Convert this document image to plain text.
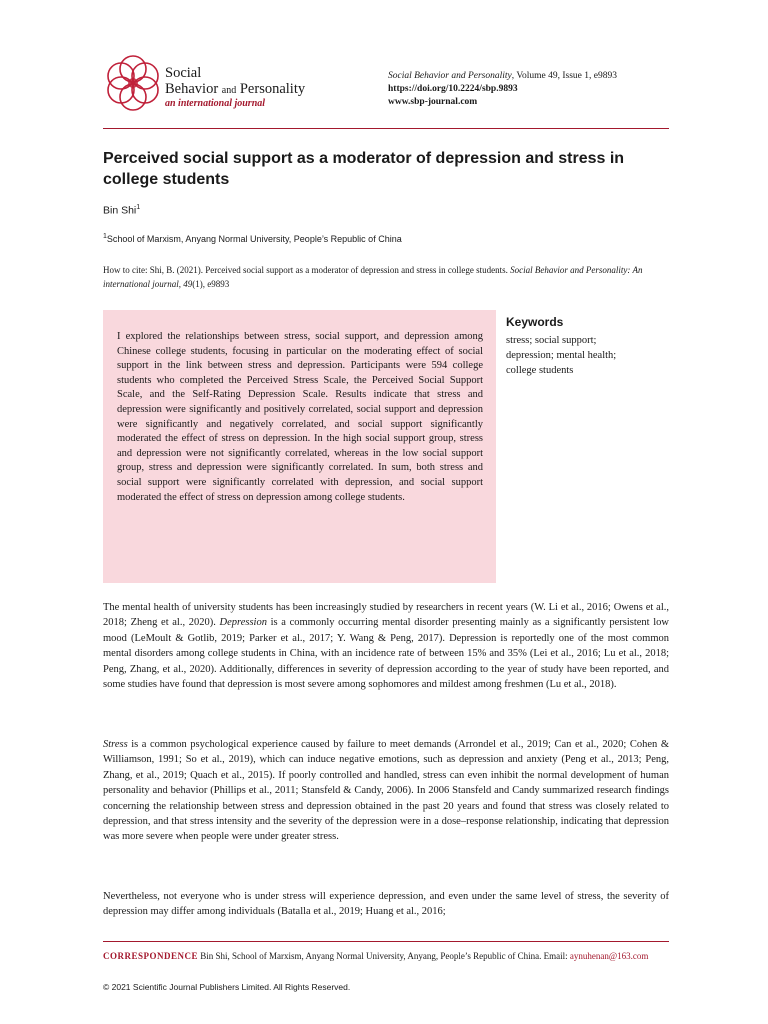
Social
Behavior and Personality
an international journal
Social Behavior and Personality, Volume 49, Issue 1, e9893
https://doi.org/10.2224/sbp.9893
www.sbp-journal.com
Perceived social support as a moderator of depression and stress in college students
Bin Shi$^1$
$^1$School of Marxism, Anyang Normal University, People’s Republic of China
How to cite: Shi, B. (2021). Perceived social support as a moderator of depression and stress in college students. Social Behavior and Personality: An international journal, 49(1), e9893
I explored the relationships between stress, social support, and depression among Chinese college students, focusing in particular on the moderating effect of social support in the link between stress and depression. Participants were 594 college students who completed the Perceived Stress Scale, the Perceived Social Support Scale, and the Self-Rating Depression Scale. Results indicate that stress and depression were significantly and positively correlated, social support and depression were significantly and negatively correlated, and social support significantly moderated the effect of stress on depression. In the high social support group, stress and depression were not significantly correlated, whereas in the low social support group, stress and depression were significantly correlated. In sum, both stress and social support were significantly correlated with depression, and social support moderated the effect of stress on depression among college students.
Keywords
stress; social support; depression; mental health; college students
The mental health of university students has been increasingly studied by researchers in recent years (W. Li et al., 2016; Owens et al., 2018; Zheng et al., 2020). Depression is a commonly occurring mental disorder presenting mainly as a significantly persistent low mood (LeMoult & Gotlib, 2019; Parker et al., 2017; Y. Wang & Peng, 2017). Depression is reportedly one of the most common mental disorders among college students in China, with an incidence rate of between 15% and 35% (Lei et al., 2016; Lu et al., 2018; Peng, Zhang, et al., 2020). Additionally, differences in severity of depression according to the year of study have been reported, and some studies have found that depression is most severe among sophomores and mildest among freshmen (Lu et al., 2018).
Stress is a common psychological experience caused by failure to meet demands (Arrondel et al., 2019; Can et al., 2020; Cohen & Williamson, 1991; So et al., 2019), which can induce negative emotions, such as depression and anxiety (Peng et al., 2013; Peng, Zhang, et al., 2019; Quach et al., 2015). If poorly controlled and handled, stress can even inhibit the normal development of human personality and behavior (Phillips et al., 2011; Stansfeld & Candy, 2006). In 2006 Stansfeld and Candy summarized research findings concerning the relationship between stress and depression obtained in the past 20 years and found that stress was closely related to depression, and that stress intensity and the severity of the depression were in a dose–response relationship, indicating that depression was more severe when people were under greater stress.
Nevertheless, not everyone who is under stress will experience depression, and even under the same level of stress, the severity of depression may differ among individuals (Batalla et al., 2019; Huang et al., 2016;
CORRESPONDENCE Bin Shi, School of Marxism, Anyang Normal University, Anyang, People’s Republic of China. Email: aynuhenan@163.com
© 2021 Scientific Journal Publishers Limited. All Rights Reserved.
